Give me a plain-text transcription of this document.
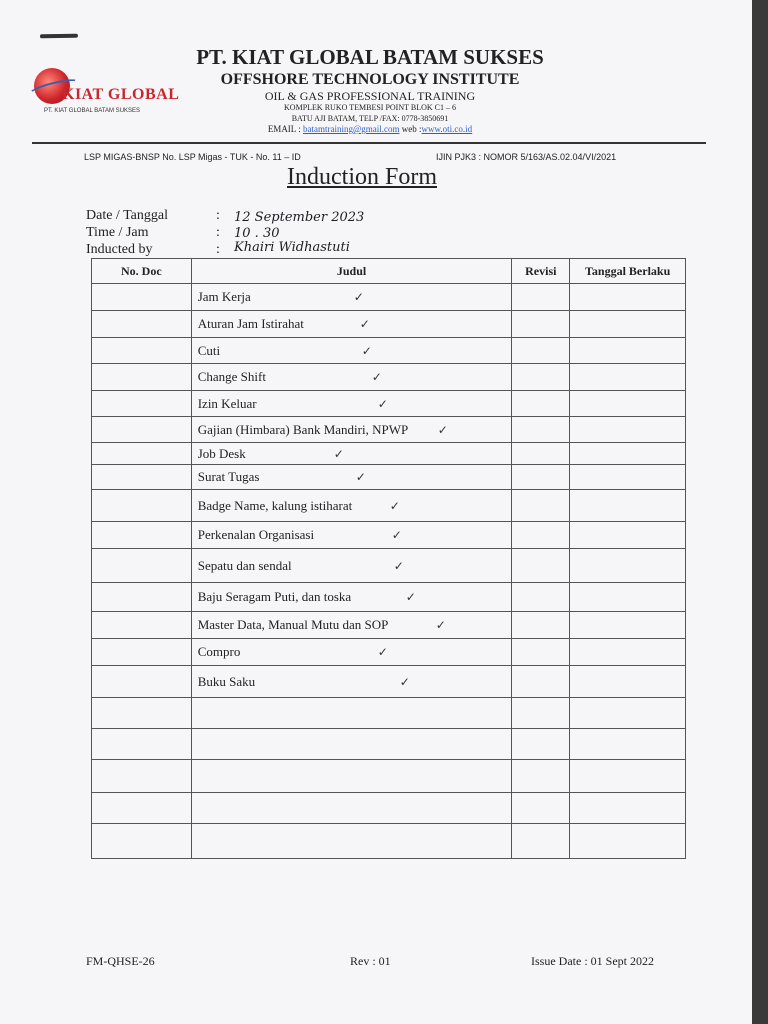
KIAT GLOBAL
PT. KIAT GLOBAL BATAM SUKSES
PT. KIAT GLOBAL BATAM SUKSES
OFFSHORE TECHNOLOGY INSTITUTE
OIL & GAS PROFESSIONAL TRAINING
KOMPLEK RUKO TEMBESI POINT BLOK C1 – 6
BATU AJI BATAM, TELP /FAX: 0778-3850691
EMAIL : batamtraining@gmail.com web :www.oti.co.id
LSP MIGAS-BNSP No. LSP Migas - TUK - No. 11 – ID	IJIN PJK3 : NOMOR 5/163/AS.02.04/VI/2021
Induction Form
Date / Tanggal	: 12 September 2023
Time / Jam	: 10 . 30
Inducted by	: Khairi Widhastuti
No. Doc	Judul	Revisi	Tanggal Berlaku
	Jam Kerja ✓		

	Aturan Jam Istirahat ✓		

	Cuti ✓		

	Change Shift ✓		

	Izin Keluar ✓		

	Gajian (Himbara) Bank Mandiri, NPWP ✓		

	Job Desk ✓		

	Surat Tugas ✓		

	Badge Name, kalung istiharat ✓		

	Perkenalan Organisasi ✓		

	Sepatu dan sendal ✓		

	Baju Seragam Puti, dan toska ✓		

	Master Data, Manual Mutu dan SOP ✓		

	Compro ✓		

	Buku Saku ✓		

FM-QHSE-26	Rev : 01	Issue Date : 01 Sept 2022
